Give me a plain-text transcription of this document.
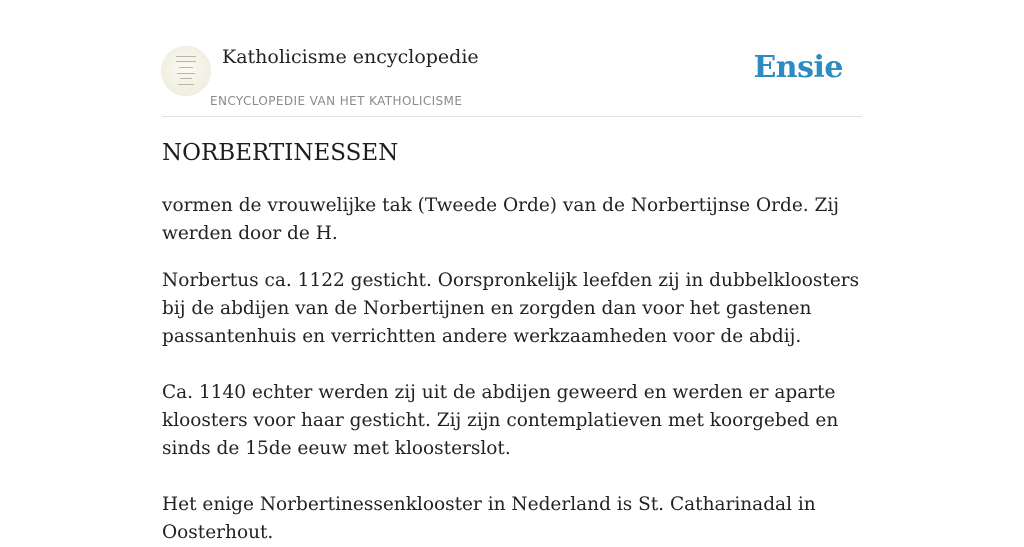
Katholicisme encyclopedie
ENCYCLOPEDIE VAN HET KATHOLICISME
Ensie
NORBERTINESSEN

vormen de vrouwelijke tak (Tweede Orde) van de Norbertijnse Orde. Zij werden door de H.

Norbertus ca. 1122 gesticht. Oorspronkelijk leefden zij in dubbelkloosters bij de abdijen van de Norbertijnen en zorgden dan voor het gastenen passantenhuis en verrichtten andere werkzaamheden voor de abdij.

Ca. 1140 echter werden zij uit de abdijen geweerd en werden er aparte kloosters voor haar gesticht. Zij zijn contemplatieven met koorgebed en sinds de 15de eeuw met kloosterslot.

Het enige Norbertinessenklooster in Nederland is St. Catharinadal in Oosterhout.
